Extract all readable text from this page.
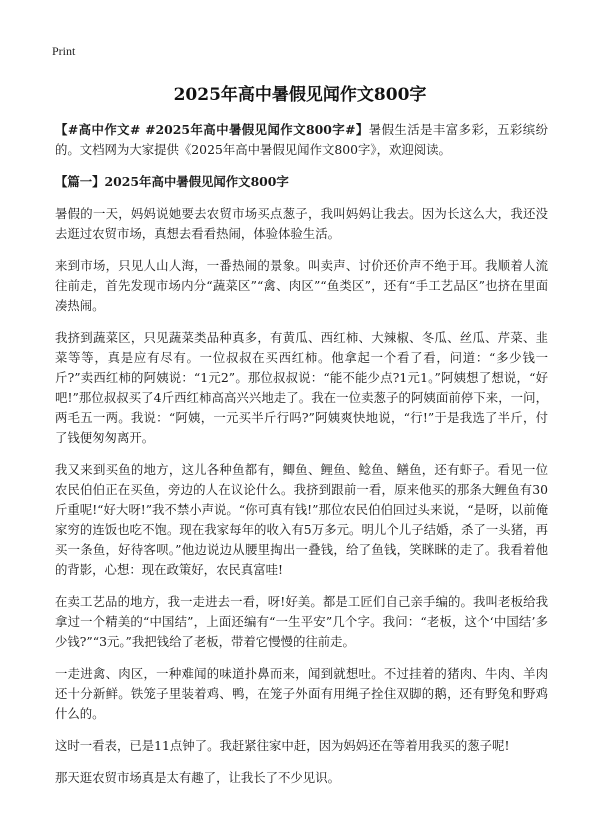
Print
2025年高中暑假见闻作文800字

【#高中作文# #2025年高中暑假见闻作文800字#】暑假生活是丰富多彩，五彩缤纷的。文档网为大家提供《2025年高中暑假见闻作文800字》，欢迎阅读。

【篇一】2025年高中暑假见闻作文800字

暑假的一天，妈妈说她要去农贸市场买点葱子，我叫妈妈让我去。因为长这么大，我还没去逛过农贸市场，真想去看看热闹，体验体验生活。

来到市场，只见人山人海，一番热闹的景象。叫卖声、讨价还价声不绝于耳。我顺着人流往前走，首先发现市场内分“蔬菜区”“禽、肉区”“鱼类区”，还有“手工艺品区”也挤在里面凑热闹。

我挤到蔬菜区，只见蔬菜类品种真多，有黄瓜、西红柿、大辣椒、冬瓜、丝瓜、芹菜、韭菜等等，真是应有尽有。一位叔叔在买西红柿。他拿起一个看了看，问道：“多少钱一斤?”卖西红柿的阿姨说：“1元2”。那位叔叔说：“能不能少点?1元1。”阿姨想了想说，“好吧!”那位叔叔买了4斤西红柿高高兴兴地走了。我在一位卖葱子的阿姨面前停下来，一问，两毛五一两。我说：“阿姨，一元买半斤行吗?”阿姨爽快地说，“行!”于是我选了半斤，付了钱便匆匆离开。

我又来到买鱼的地方，这儿各种鱼都有，鲫鱼、鲤鱼、鲶鱼、鳝鱼，还有虾子。看见一位农民伯伯正在买鱼，旁边的人在议论什么。我挤到跟前一看，原来他买的那条大鲤鱼有30斤重呢!“好大呀!”我不禁小声说。“你可真有钱!”那位农民伯伯回过头来说，“是呀，以前俺家穷的连饭也吃不饱。现在我家每年的收入有5万多元。明儿个儿子结婚，杀了一头猪，再买一条鱼，好待客呗。”他边说边从腰里掏出一叠钱，给了鱼钱，笑眯眯的走了。我看着他的背影，心想：现在政策好，农民真富哇!

在卖工艺品的地方，我一走进去一看，呀!好美。都是工匠们自己亲手编的。我叫老板给我拿过一个精美的“中国结”，上面还编有“一生平安”几个字。我问：“老板，这个‘中国结’多少钱?”“3元。”我把钱给了老板，带着它慢慢的往前走。

一走进禽、肉区，一种难闻的味道扑鼻而来，闻到就想吐。不过挂着的猪肉、牛肉、羊肉还十分新鲜。铁笼子里装着鸡、鸭，在笼子外面有用绳子拴住双脚的鹅，还有野兔和野鸡什么的。

这时一看表，已是11点钟了。我赶紧往家中赶，因为妈妈还在等着用我买的葱子呢!

那天逛农贸市场真是太有趣了，让我长了不少见识。
